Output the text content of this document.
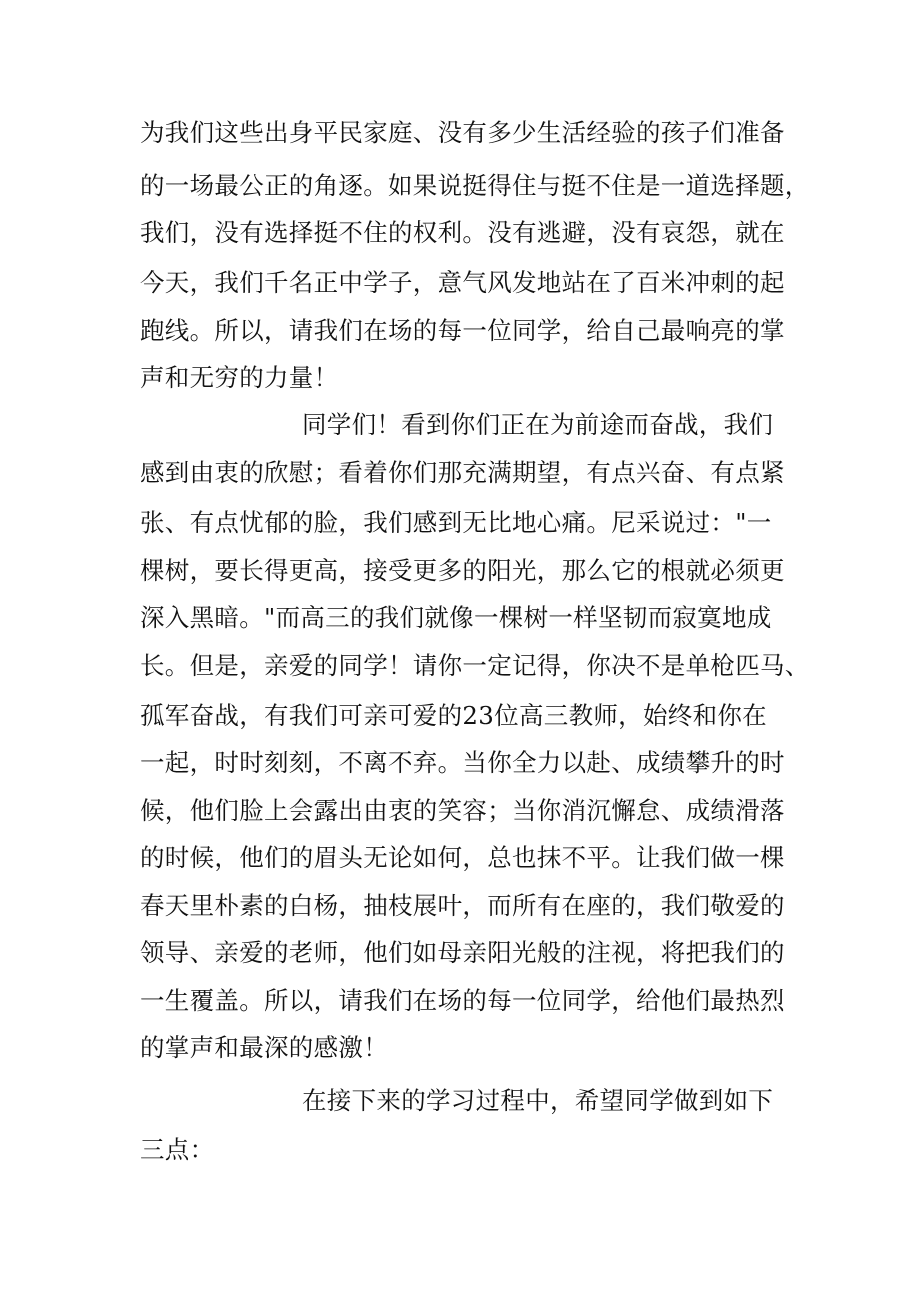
为我们这些出身平民家庭、没有多少生活经验的孩子们准备
的一场最公正的角逐。如果说挺得住与挺不住是一道选择题，
我们，没有选择挺不住的权利。没有逃避，没有哀怨，就在
今天，我们千名正中学子，意气风发地站在了百米冲刺的起
跑线。所以，请我们在场的每一位同学，给自己最响亮的掌
声和无穷的力量！
同学们！看到你们正在为前途而奋战，我们
感到由衷的欣慰；看着你们那充满期望，有点兴奋、有点紧
张、有点忧郁的脸，我们感到无比地心痛。尼采说过："一
棵树，要长得更高，接受更多的阳光，那么它的根就必须更
深入黑暗。"而高三的我们就像一棵树一样坚韧而寂寞地成
长。但是，亲爱的同学！请你一定记得，你决不是单枪匹马、
孤军奋战，有我们可亲可爱的23位高三教师，始终和你在
一起，时时刻刻，不离不弃。当你全力以赴、成绩攀升的时
候，他们脸上会露出由衷的笑容；当你消沉懈怠、成绩滑落
的时候，他们的眉头无论如何，总也抹不平。让我们做一棵
春天里朴素的白杨，抽枝展叶，而所有在座的，我们敬爱的
领导、亲爱的老师，他们如母亲阳光般的注视，将把我们的
一生覆盖。所以，请我们在场的每一位同学，给他们最热烈
的掌声和最深的感激！
在接下来的学习过程中，希望同学做到如下
三点：
